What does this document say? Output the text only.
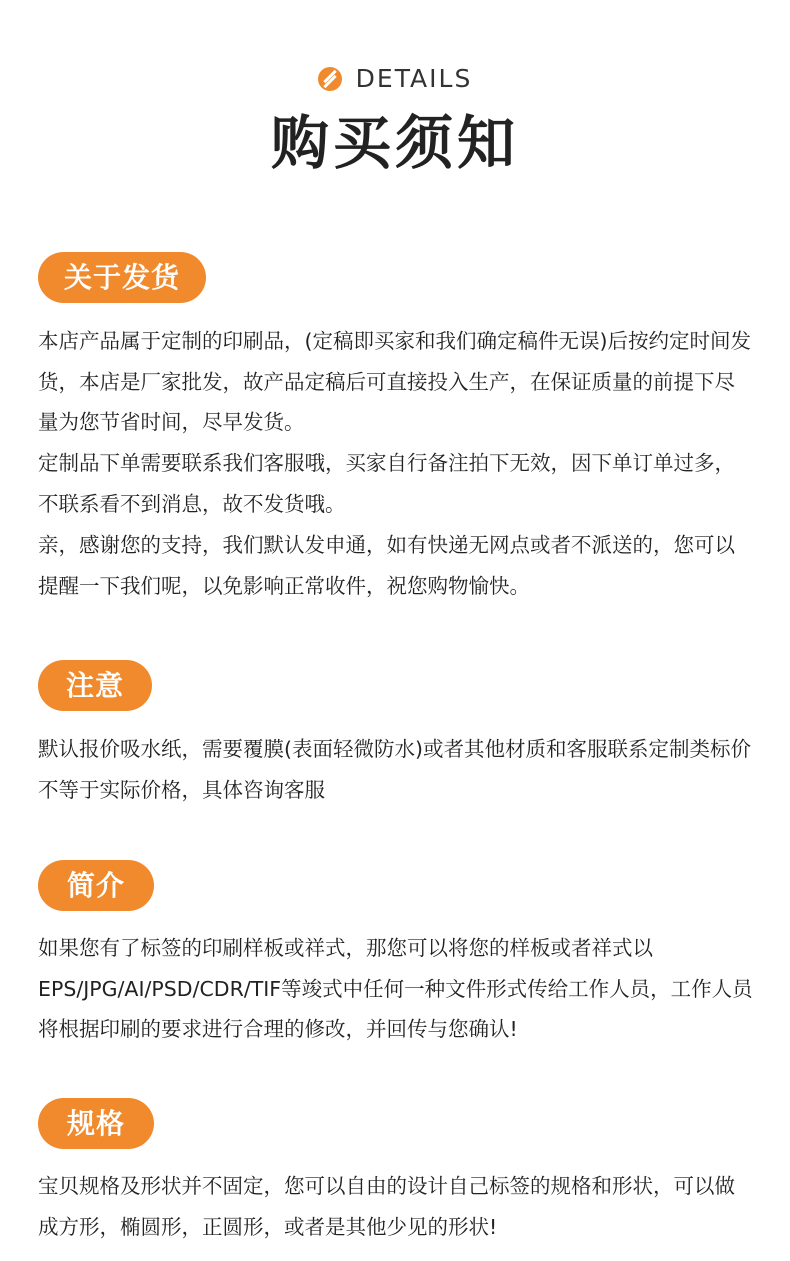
DETAILS
购买须知
关于发货

本店产品属于定制的印刷品，(定稿即买家和我们确定稿件无误)后按约定时间发货，本店是厂家批发，故产品定稿后可直接投入生产，在保证质量的前提下尽量为您节省时间，尽早发货。

定制品下单需要联系我们客服哦，买家自行备注拍下无效，因下单订单过多，不联系看不到消息，故不发货哦。

亲，感谢您的支持，我们默认发申通，如有快递无网点或者不派送的，您可以提醒一下我们呢，以免影响正常收件，祝您购物愉快。

注意

默认报价吸水纸，需要覆膜(表面轻微防水)或者其他材质和客服联系定制类标价不等于实际价格，具体咨询客服

简介

如果您有了标签的印刷样板或祥式，那您可以将您的样板或者祥式以EPS/JPG/AI/PSD/CDR/TIF等竣式中任何一种文件形式传给工作人员，工作人员将根据印刷的要求进行合理的修改，并回传与您确认!

规格

宝贝规格及形状并不固定，您可以自由的设计自己标签的规格和形状，可以做成方形，椭圆形，正圆形，或者是其他少见的形状!
